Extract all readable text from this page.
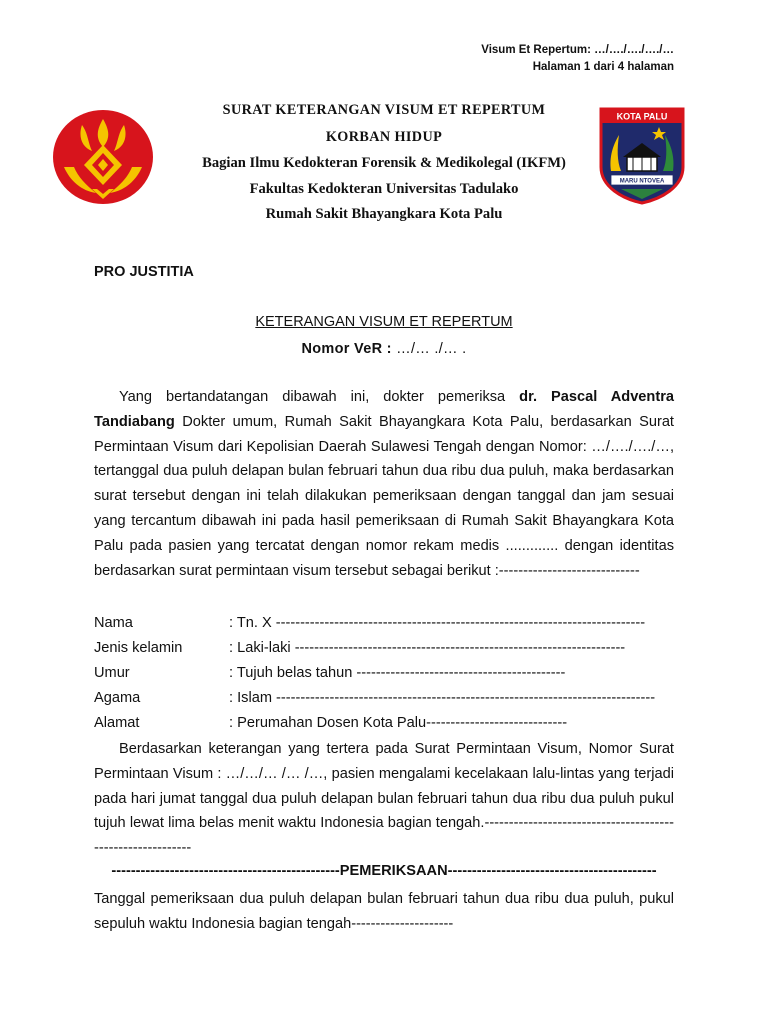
Visum Et Repertum: …/…./…./…./…
Halaman 1 dari 4 halaman
KOTA PALU
MARU NTOVEA
SURAT KETERANGAN VISUM ET REPERTUM
KORBAN HIDUP
Bagian Ilmu Kedokteran Forensik & Medikolegal (IKFM)
Fakultas Kedokteran Universitas Tadulako
Rumah Sakit Bhayangkara Kota Palu
PRO JUSTITIA
KETERANGAN VISUM ET REPERTUM
Nomor VeR : …/… ./… .
Yang bertandatangan dibawah ini, dokter pemeriksa dr. Pascal Adventra Tandiabang Dokter umum, Rumah Sakit Bhayangkara Kota Palu, berdasarkan Surat Permintaan Visum dari Kepolisian Daerah Sulawesi Tengah dengan Nomor: …/…./…./…, tertanggal dua puluh delapan bulan februari tahun dua ribu dua puluh, maka berdasarkan surat tersebut dengan ini telah dilakukan pemeriksaan dengan tanggal dan jam sesuai yang tercantum dibawah ini pada hasil pemeriksaan di Rumah Sakit Bhayangkara Kota Palu pada pasien yang tercatat dengan nomor rekam medis ............. dengan identitas berdasarkan surat permintaan visum tersebut sebagai berikut :-----------------------------
Nama	: Tn. X ----------------------------------------------------------------------------
Jenis kelamin	: Laki-laki --------------------------------------------------------------------
Umur	: Tujuh belas tahun -------------------------------------------
Agama	: Islam ------------------------------------------------------------------------------
Alamat	: Perumahan Dosen Kota Palu-----------------------------
Berdasarkan keterangan yang tertera pada Surat Permintaan Visum, Nomor Surat Permintaan Visum : …/…/… /… /…, pasien mengalami kecelakaan lalu-lintas yang terjadi pada hari jumat tanggal dua puluh delapan bulan februari tahun dua ribu dua puluh pukul tujuh lewat lima belas menit waktu Indonesia bagian tengah.-----------------------------------------------------------
-----------------------------------------------PEMERIKSAAN-------------------------------------------
Tanggal pemeriksaan dua puluh delapan bulan februari tahun dua ribu dua puluh, pukul sepuluh waktu Indonesia bagian tengah---------------------
